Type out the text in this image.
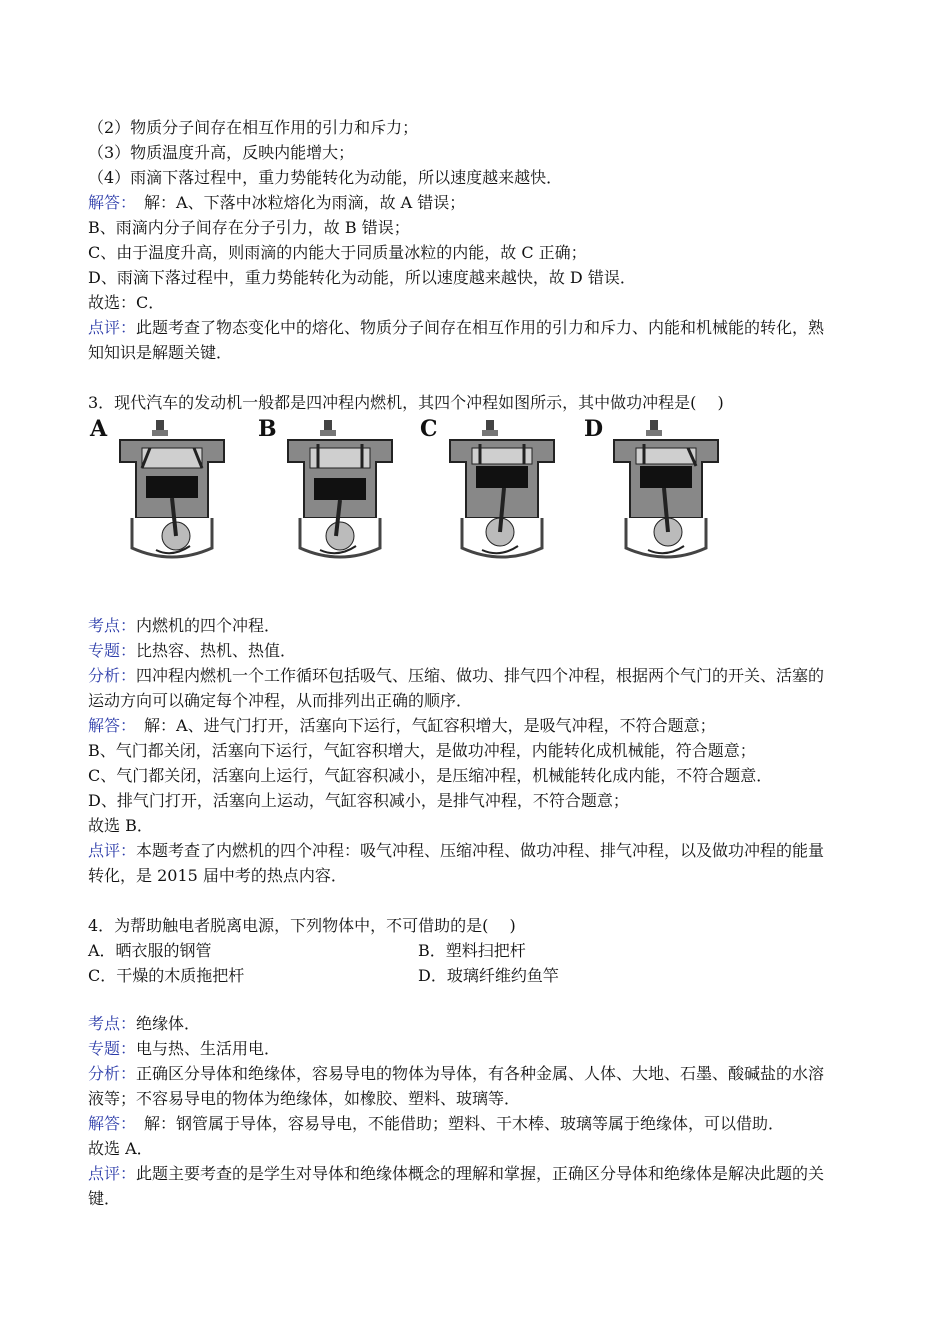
（2）物质分子间存在相互作用的引力和斥力；
（3）物质温度升高，反映内能增大；
（4）雨滴下落过程中，重力势能转化为动能，所以速度越来越快．
解答：　解：A、下落中冰粒熔化为雨滴，故 A 错误；
B、雨滴内分子间存在分子引力，故 B 错误；
C、由于温度升高，则雨滴的内能大于同质量冰粒的内能，故 C 正确；
D、雨滴下落过程中，重力势能转化为动能，所以速度越来越快，故 D 错误．
故选：C．
点评：此题考查了物态变化中的熔化、物质分子间存在相互作用的引力和斥力、内能和机械能的转化，熟
知知识是解题关键．
3．现代汽车的发动机一般都是四冲程内燃机，其四个冲程如图所示，其中做功冲程是(　 )
A	B	C	D
考点：内燃机的四个冲程．
专题：比热容、热机、热值．
分析：四冲程内燃机一个工作循环包括吸气、压缩、做功、排气四个冲程，根据两个气门的开关、活塞的
运动方向可以确定每个冲程，从而排列出正确的顺序．
解答：　解：A、进气门打开，活塞向下运行，气缸容积增大，是吸气冲程，不符合题意；
B、气门都关闭，活塞向下运行，气缸容积增大，是做功冲程，内能转化成机械能，符合题意；
C、气门都关闭，活塞向上运行，气缸容积减小，是压缩冲程，机械能转化成内能，不符合题意．
D、排气门打开，活塞向上运动，气缸容积减小，是排气冲程，不符合题意；
故选 B．
点评：本题考查了内燃机的四个冲程：吸气冲程、压缩冲程、做功冲程、排气冲程，以及做功冲程的能量
转化，是 2015 届中考的热点内容．
4．为帮助触电者脱离电源，下列物体中，不可借助的是(　 )
A．晒衣服的钢管	B．塑料扫把杆
C．干燥的木质拖把杆	D．玻璃纤维约鱼竿
考点：绝缘体．
专题：电与热、生活用电．
分析：正确区分导体和绝缘体，容易导电的物体为导体，有各种金属、人体、大地、石墨、酸碱盐的水溶
液等；不容易导电的物体为绝缘体，如橡胶、塑料、玻璃等．
解答：　解：钢管属于导体，容易导电，不能借助；塑料、干木棒、玻璃等属于绝缘体，可以借助．
故选 A．
点评：此题主要考查的是学生对导体和绝缘体概念的理解和掌握，正确区分导体和绝缘体是解决此题的关
键．
